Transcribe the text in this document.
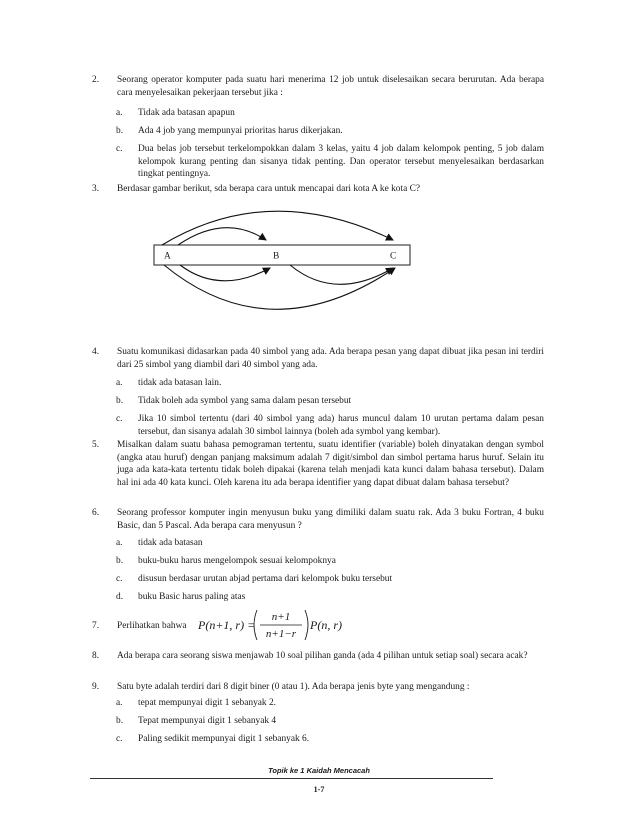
2. Seorang operator komputer pada suatu hari menerima 12 job untuk diselesaikan secara berurutan. Ada berapa cara menyelesaikan pekerjaan tersebut jika :
a. Tidak ada batasan apapun
b. Ada 4 job yang mempunyai prioritas harus dikerjakan.
c. Dua belas job tersebut terkelompokkan dalam 3 kelas, yaitu 4 job dalam kelompok penting, 5 job dalam kelompok kurang penting dan sisanya tidak penting. Dan operator tersebut menyelesaikan berdasarkan tingkat pentingnya.
3. Berdasar gambar berikut, sda berapa cara untuk mencapai dari kota A ke kota C?
A	B	C
4. Suatu komunikasi didasarkan pada 40 simbol yang ada. Ada berapa pesan yang dapat dibuat jika pesan ini terdiri dari 25 simbol yang diambil dari 40 simbol yang ada.
a. tidak ada batasan lain.
b. Tidak boleh ada symbol yang sama dalam pesan tersebut
c. Jika 10 simbol tertentu (dari 40 simbol yang ada) harus muncul dalam 10 urutan pertama dalam pesan tersebut, dan sisanya adalah 30 simbol lainnya (boleh ada symbol yang kembar).
5. Misalkan dalam suatu bahasa pemograman tertentu, suatu identifier (variable) boleh dinyatakan dengan symbol (angka atau huruf) dengan panjang maksimum adalah 7 digit/simbol dan simbol pertama harus huruf. Selain itu juga ada kata-kata tertentu tidak boleh dipakai (karena telah menjadi kata kunci dalam bahasa tersebut). Dalam hal ini ada 40 kata kunci. Oleh karena itu ada berapa identifier yang dapat dibuat dalam bahasa tersebut?
6. Seorang professor komputer ingin menyusun buku yang dimiliki dalam suatu rak. Ada 3 buku Fortran, 4 buku Basic, dan 5 Pascal. Ada berapa cara menyusun ?
a. tidak ada batasan
b. buku-buku harus mengelompok sesuai kelompoknya
c. disusun berdasar urutan abjad pertama dari kelompok buku tersebut
d. buku Basic harus paling atas
7. Perlihatkan bahwa P(n+1, r) =
n+1
n+1−r
P(n, r)
8. Ada berapa cara seorang siswa menjawab 10 soal pilihan ganda (ada 4 pilihan untuk setiap soal) secara acak?
9. Satu byte adalah terdiri dari 8 digit biner (0 atau 1). Ada berapa jenis byte yang mengandung :
a. tepat mempunyai digit 1 sebanyak 2.
b. Tepat mempunyai digit 1 sebanyak 4
c. Paling sedikit mempunyai digit 1 sebanyak 6.
Topik ke 1 Kaidah Mencacah
1-7
